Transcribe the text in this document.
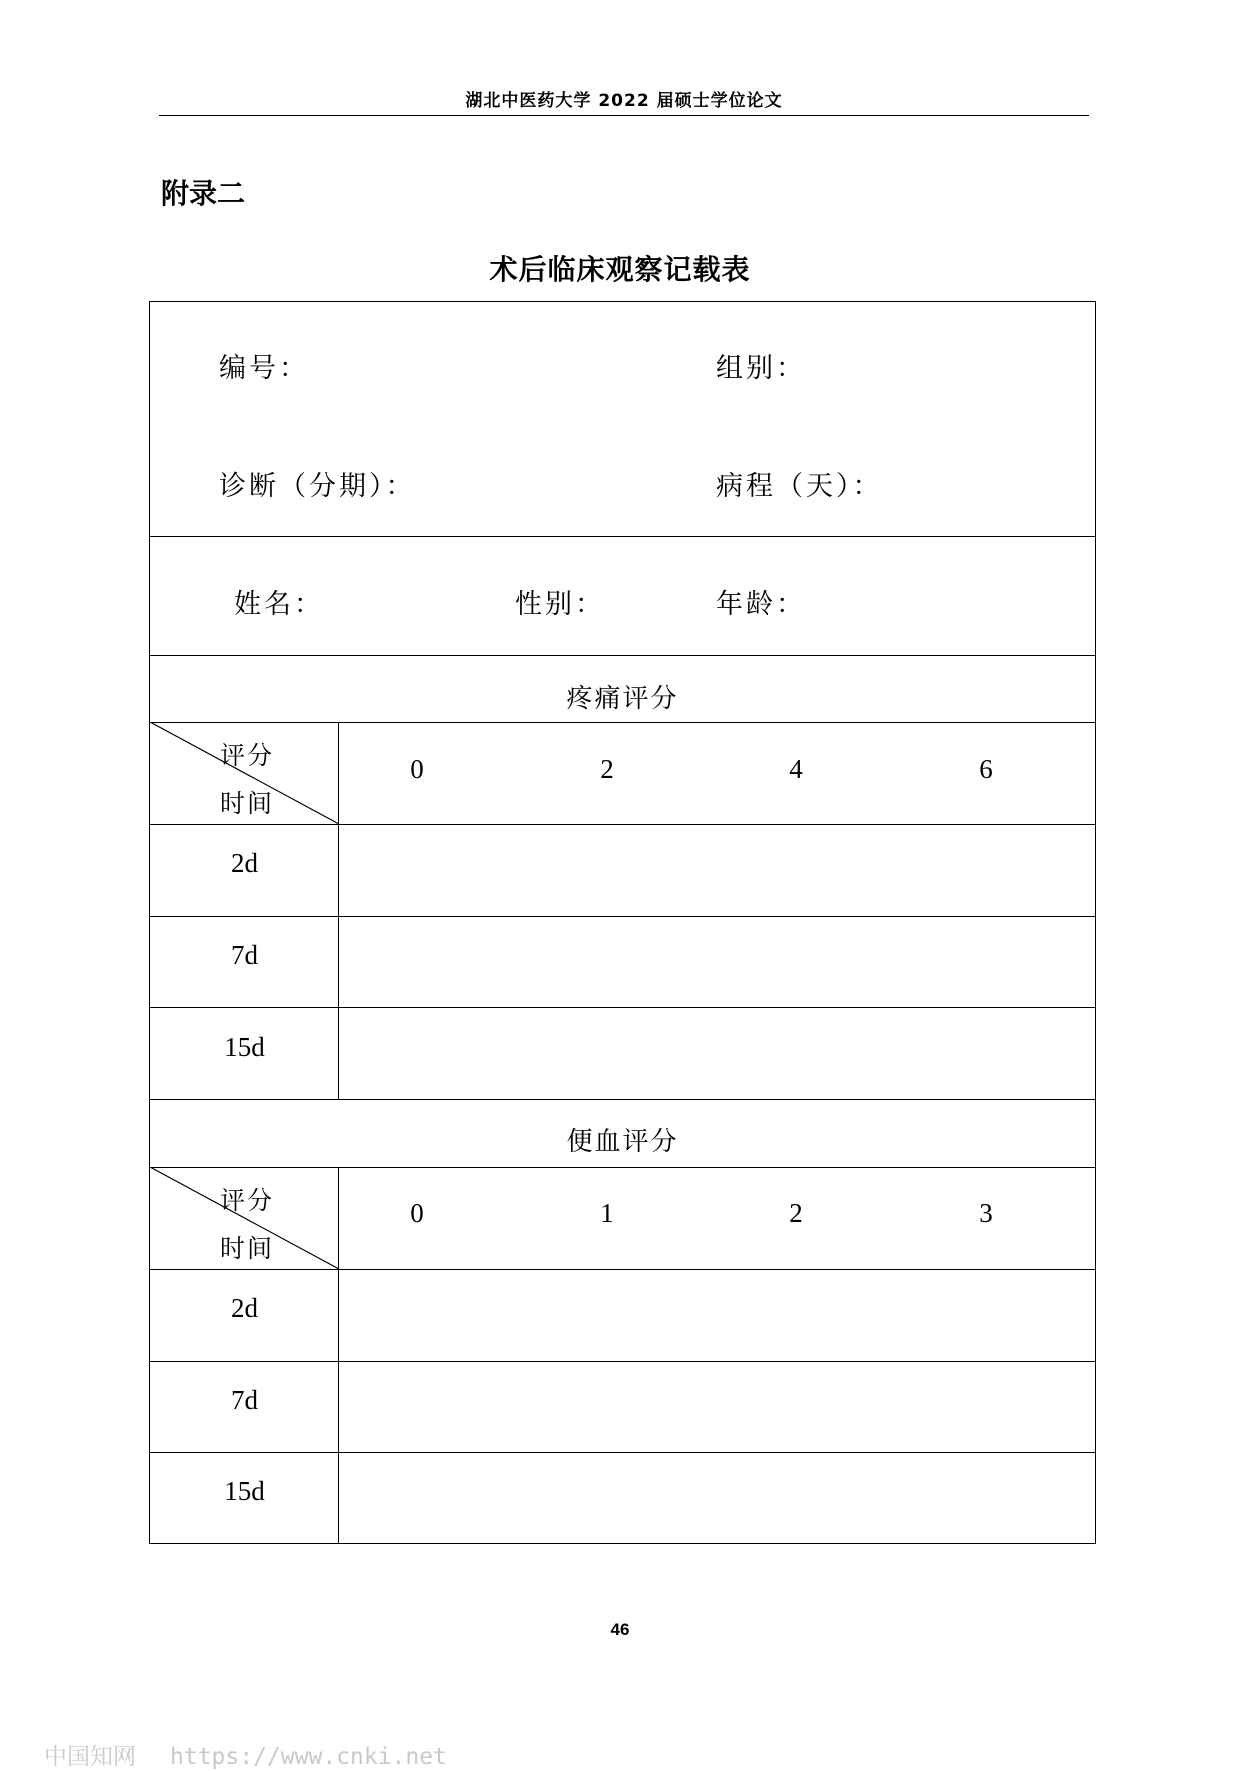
湖北中医药大学 2022 届硕士学位论文
附录二
术后临床观察记载表
编号：	组别：
诊断（分期）：	病程（天）：
姓名：	性别：	年龄：
疼痛评分
评分
时间
0	2	4	6
2d
7d
15d
便血评分
评分
时间
0	1	2	3
2d
7d
15d
46
中国知网 https://www.cnki.net
